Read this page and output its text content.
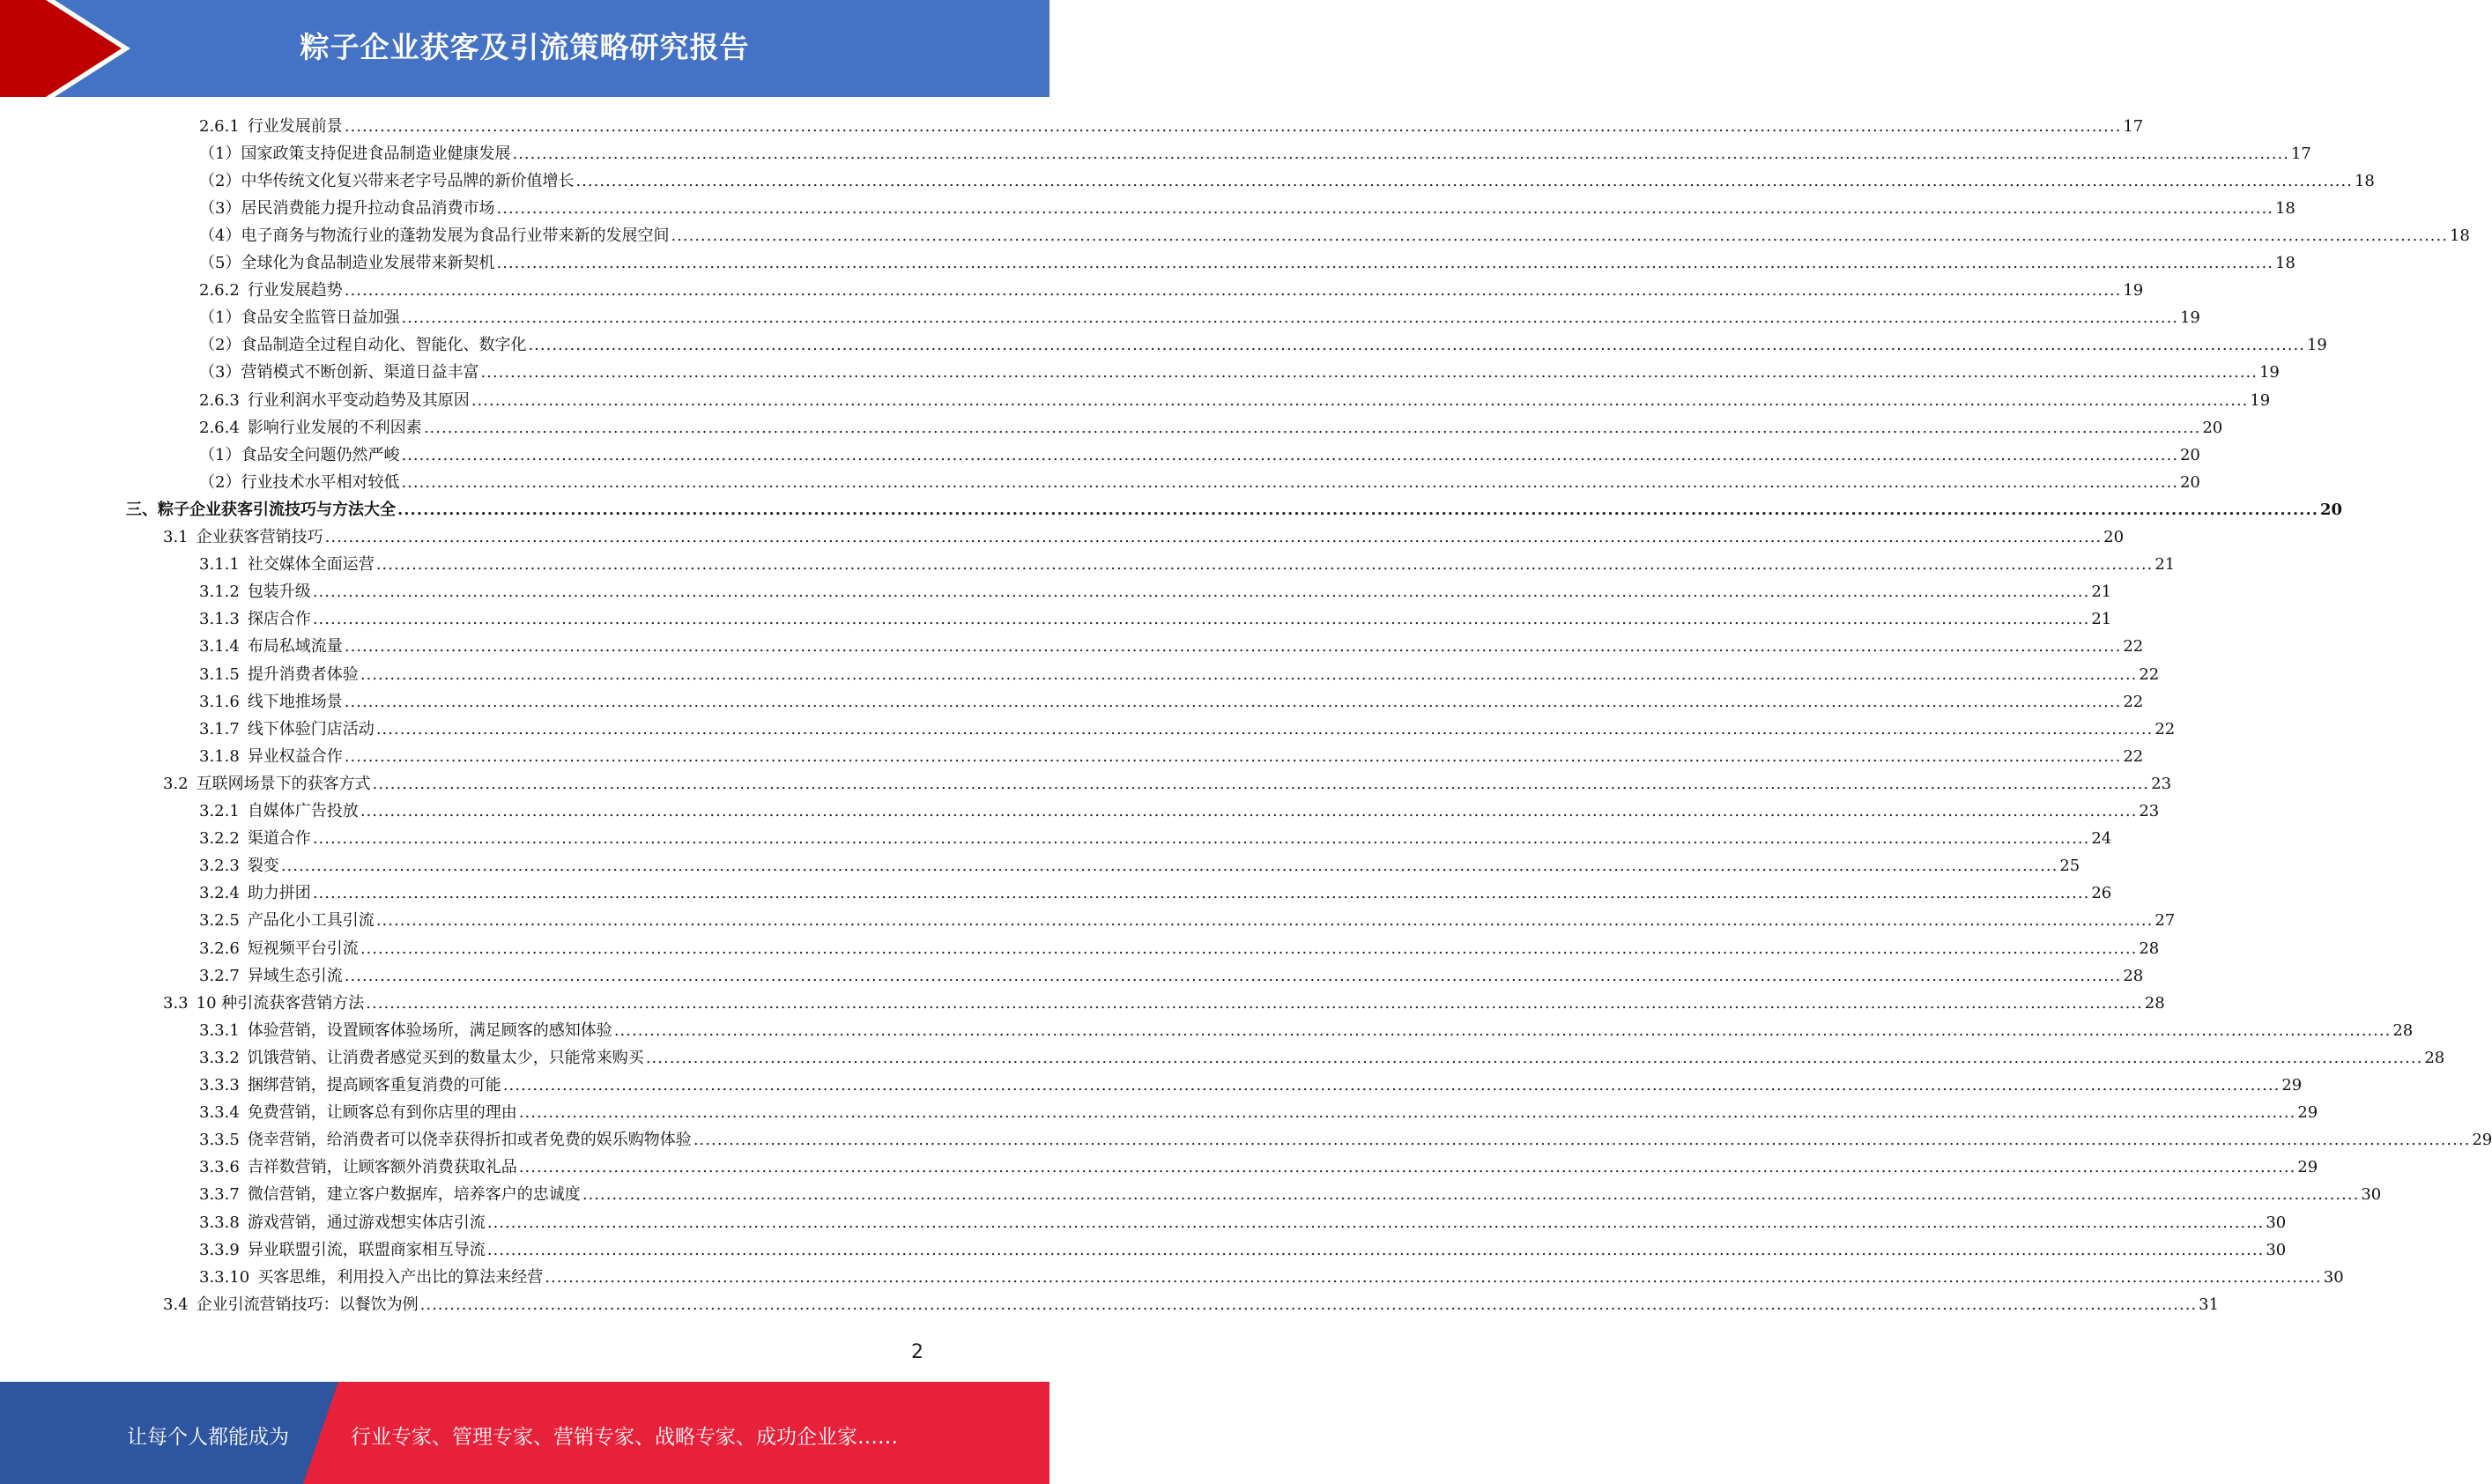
粽子企业获客及引流策略研究报告
2.6.1 行业发展前景 ............................................................................................................................................................................................................................................................................................................ 17
（1） 国家政策支持促进食品制造业健康发展 ............................................................................................................................................................................................................................................................................................................ 17
（2） 中华传统文化复兴带来老字号品牌的新价值增长 ............................................................................................................................................................................................................................................................................................................ 18
（3） 居民消费能力提升拉动食品消费市场 ............................................................................................................................................................................................................................................................................................................ 18
（4） 电子商务与物流行业的蓬勃发展为食品行业带来新的发展空间 ............................................................................................................................................................................................................................................................................................................ 18
（5） 全球化为食品制造业发展带来新契机 ............................................................................................................................................................................................................................................................................................................ 18
2.6.2 行业发展趋势 ............................................................................................................................................................................................................................................................................................................ 19
（1） 食品安全监管日益加强 ............................................................................................................................................................................................................................................................................................................ 19
（2） 食品制造全过程自动化、智能化、数字化 ............................................................................................................................................................................................................................................................................................................ 19
（3） 营销模式不断创新、渠道日益丰富 ............................................................................................................................................................................................................................................................................................................ 19
2.6.3 行业利润水平变动趋势及其原因 ............................................................................................................................................................................................................................................................................................................ 19
2.6.4 影响行业发展的不利因素 ............................................................................................................................................................................................................................................................................................................ 20
（1） 食品安全问题仍然严峻 ............................................................................................................................................................................................................................................................................................................ 20
（2） 行业技术水平相对较低 ............................................................................................................................................................................................................................................................................................................ 20
三、 粽子企业获客引流技巧与方法大全 ............................................................................................................................................................................................................................................................................................................ 20
3.1 企业获客营销技巧 ............................................................................................................................................................................................................................................................................................................ 20
3.1.1 社交媒体全面运营 ............................................................................................................................................................................................................................................................................................................ 21
3.1.2 包装升级 ............................................................................................................................................................................................................................................................................................................ 21
3.1.3 探店合作 ............................................................................................................................................................................................................................................................................................................ 21
3.1.4 布局私域流量 ............................................................................................................................................................................................................................................................................................................ 22
3.1.5 提升消费者体验 ............................................................................................................................................................................................................................................................................................................ 22
3.1.6 线下地推场景 ............................................................................................................................................................................................................................................................................................................ 22
3.1.7 线下体验门店活动 ............................................................................................................................................................................................................................................................................................................ 22
3.1.8 异业权益合作 ............................................................................................................................................................................................................................................................................................................ 22
3.2 互联网场景下的获客方式 ............................................................................................................................................................................................................................................................................................................ 23
3.2.1 自媒体广告投放 ............................................................................................................................................................................................................................................................................................................ 23
3.2.2 渠道合作 ............................................................................................................................................................................................................................................................................................................ 24
3.2.3 裂变 ............................................................................................................................................................................................................................................................................................................ 25
3.2.4 助力拼团 ............................................................................................................................................................................................................................................................................................................ 26
3.2.5 产品化小工具引流 ............................................................................................................................................................................................................................................................................................................ 27
3.2.6 短视频平台引流 ............................................................................................................................................................................................................................................................................................................ 28
3.2.7 异域生态引流 ............................................................................................................................................................................................................................................................................................................ 28
3.3 10 种引流获客营销方法 ............................................................................................................................................................................................................................................................................................................ 28
3.3.1 体验营销，设置顾客体验场所，满足顾客的感知体验 ............................................................................................................................................................................................................................................................................................................ 28
3.3.2 饥饿营销、让消费者感觉买到的数量太少，只能常来购买 ............................................................................................................................................................................................................................................................................................................ 28
3.3.3 捆绑营销，提高顾客重复消费的可能 ............................................................................................................................................................................................................................................................................................................ 29
3.3.4 免费营销，让顾客总有到你店里的理由 ............................................................................................................................................................................................................................................................................................................ 29
3.3.5 侥幸营销，给消费者可以侥幸获得折扣或者免费的娱乐购物体验 ............................................................................................................................................................................................................................................................................................................ 29
3.3.6 吉祥数营销，让顾客额外消费获取礼品 ............................................................................................................................................................................................................................................................................................................ 29
3.3.7 微信营销，建立客户数据库，培养客户的忠诚度 ............................................................................................................................................................................................................................................................................................................ 30
3.3.8 游戏营销，通过游戏想实体店引流 ............................................................................................................................................................................................................................................................................................................ 30
3.3.9 异业联盟引流，联盟商家相互导流 ............................................................................................................................................................................................................................................................................................................ 30
3.3.10 买客思维，利用投入产出比的算法来经营 ............................................................................................................................................................................................................................................................................................................ 30
3.4 企业引流营销技巧：以餐饮为例 ............................................................................................................................................................................................................................................................................................................ 31
2
让每个人都能成为	行业专家、管理专家、营销专家、战略专家、成功企业家……
